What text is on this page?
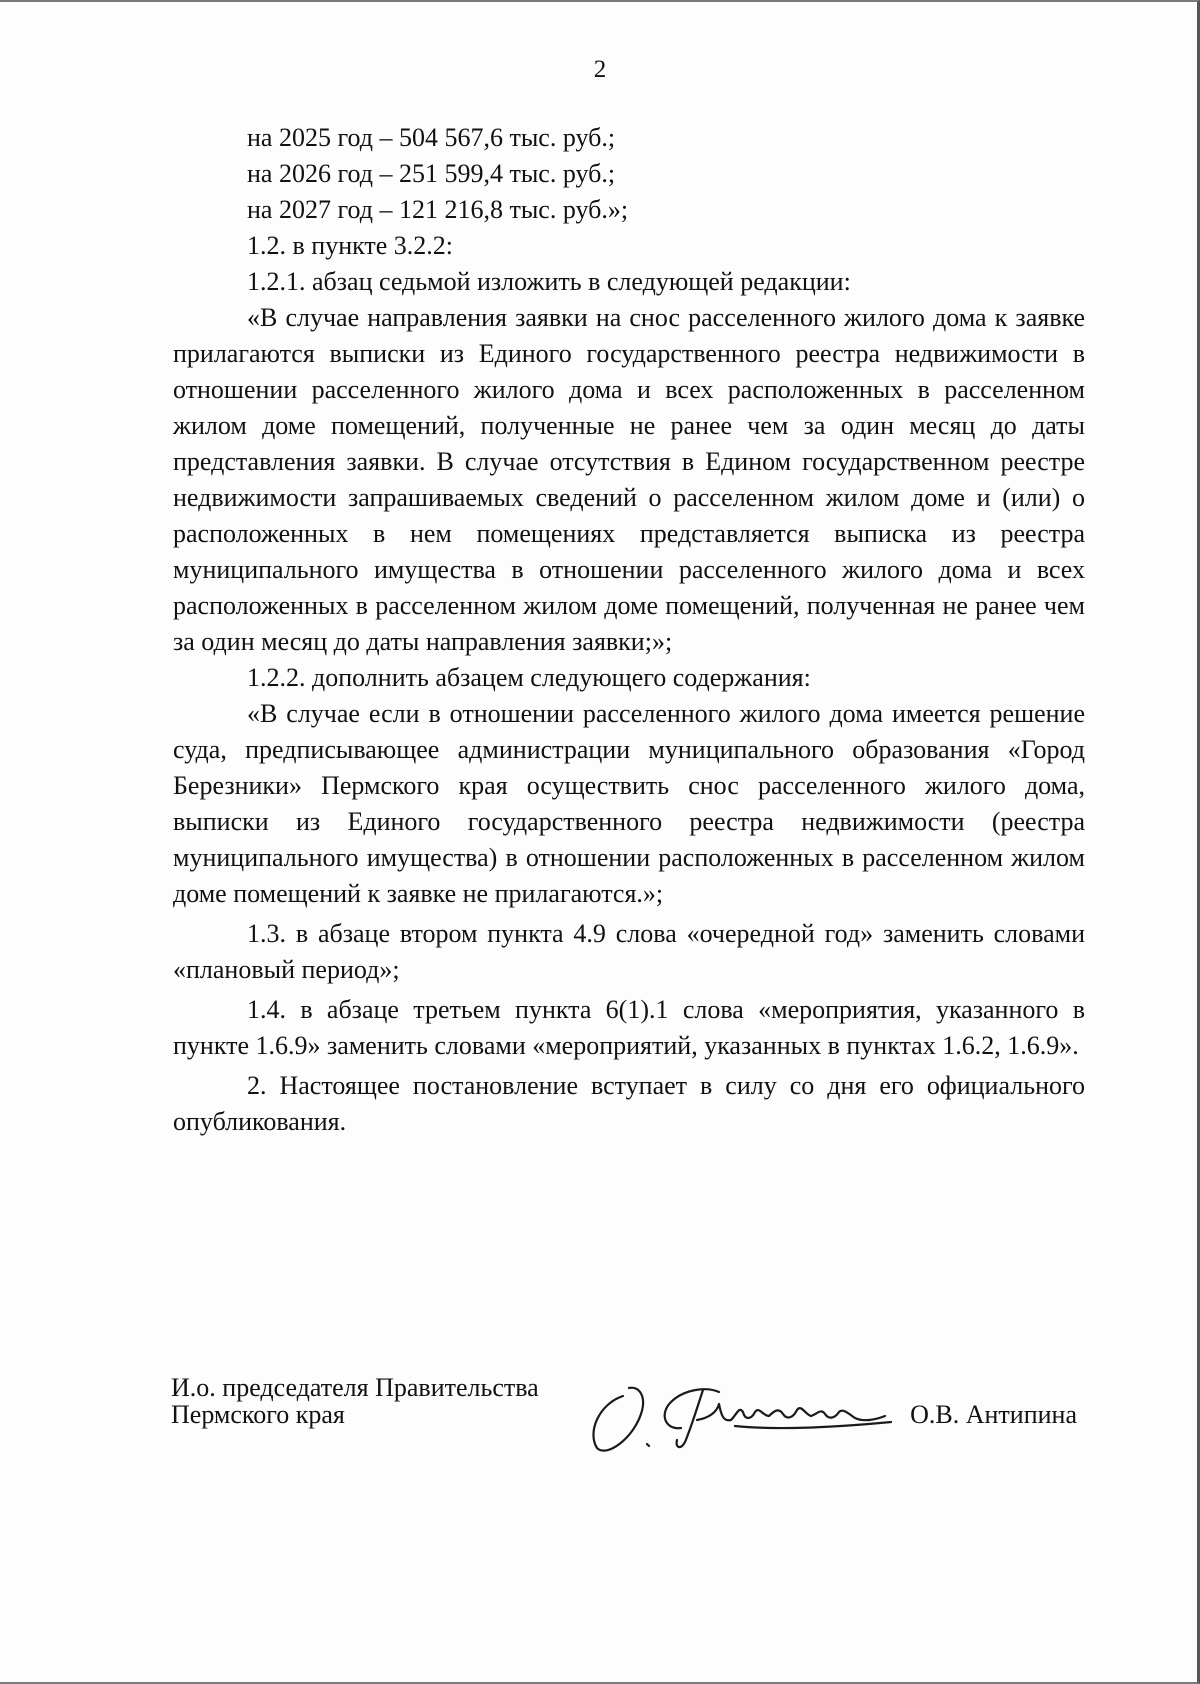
2
на 2025 год – 504 567,6 тыс. руб.;
на 2026 год – 251 599,4 тыс. руб.;
на 2027 год – 121 216,8 тыс. руб.»;
1.2. в пункте 3.2.2:
1.2.1. абзац седьмой изложить в следующей редакции:

«В случае направления заявки на снос расселенного жилого дома к заявке прилагаются выписки из Единого государственного реестра недвижимости в отношении расселенного жилого дома и всех расположенных в расселенном жилом доме помещений, полученные не ранее чем за один месяц до даты представления заявки. В случае отсутствия в Едином государственном реестре недвижимости запрашиваемых сведений о расселенном жилом доме и (или) о расположенных в нем помещениях представляется выписка из реестра муниципального имущества в отношении расселенного жилого дома и всех расположенных в расселенном жилом доме помещений, полученная не ранее чем за один месяц до даты направления заявки;»;

1.2.2. дополнить абзацем следующего содержания:

«В случае если в отношении расселенного жилого дома имеется решение суда, предписывающее администрации муниципального образования «Город Березники» Пермского края осуществить снос расселенного жилого дома, выписки из Единого государственного реестра недвижимости (реестра муниципального имущества) в отношении расположенных в расселенном жилом доме помещений к заявке не прилагаются.»;

1.3. в абзаце втором пункта 4.9 слова «очередной год» заменить словами «плановый период»;

1.4. в абзаце третьем пункта 6(1).1 слова «мероприятия, указанного в пункте 1.6.9» заменить словами «мероприятий, указанных в пунктах 1.6.2, 1.6.9».

2. Настоящее постановление вступает в силу со дня его официального опубликования.

И.о. председателя Правительства
Пермского края	О.В. Антипина
